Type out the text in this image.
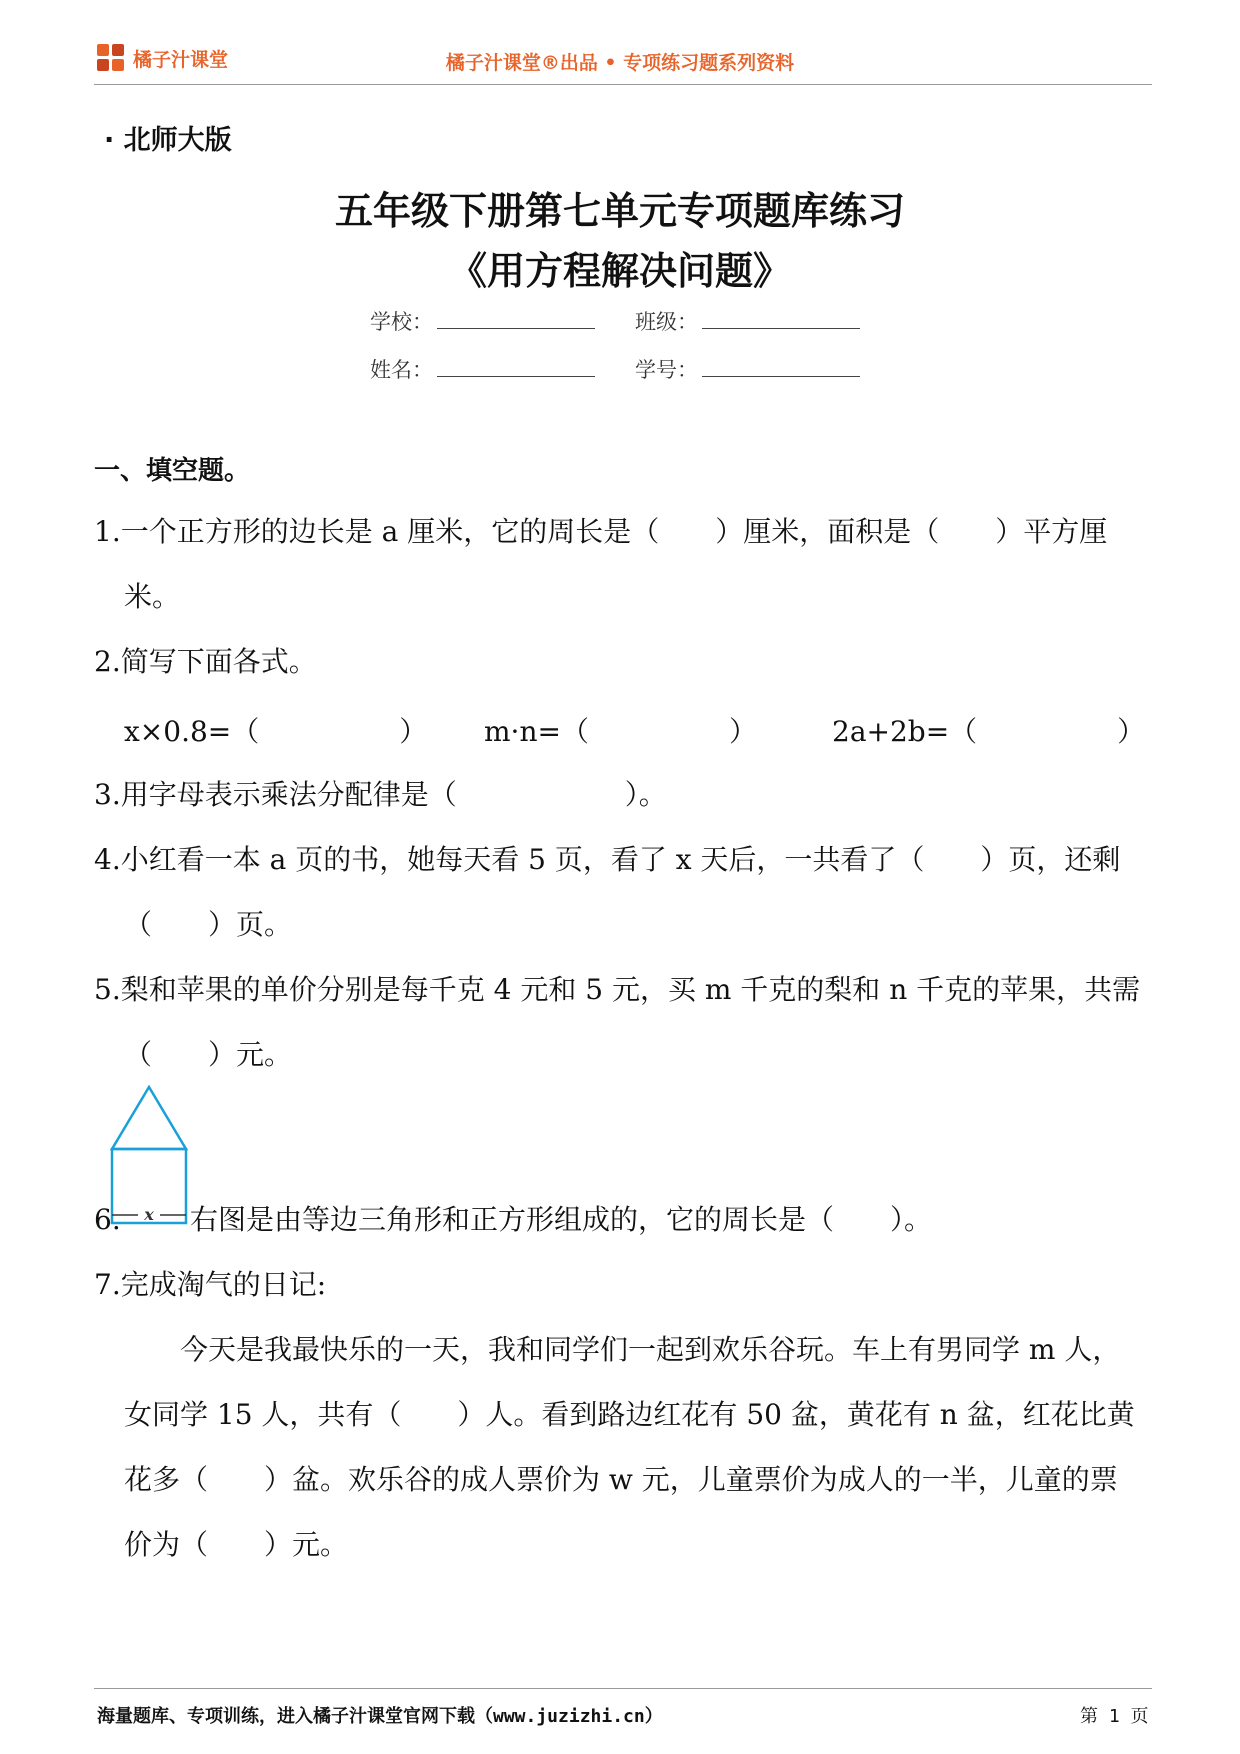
橘子汁课堂	橘子汁课堂®出品 • 专项练习题系列资料
· 北师大版
五年级下册第七单元专项题库练习
《用方程解决问题》
学校：	班级：
姓名：	学号：
一、填空题。
1.一个正方形的边长是 a 厘米，它的周长是（　　）厘米，面积是（　　）平方厘
米。
2.简写下面各式。
x×0.8=（　　　　　） m·n=（　　　　　）	2a+2b=（　　　　　）
3.用字母表示乘法分配律是（　　　　　　）。
4.小红看一本 a 页的书，她每天看 5 页，看了 x 天后，一共看了（　　）页，还剩
（　　）页。
5.梨和苹果的单价分别是每千克 4 元和 5 元，买 m 千克的梨和 n 千克的苹果，共需
（　　）元。
x
6. 右图是由等边三角形和正方形组成的，它的周长是（　　）。
7.完成淘气的日记:
今天是我最快乐的一天，我和同学们一起到欢乐谷玩。车上有男同学 m 人，
女同学 15 人，共有（　　）人。看到路边红花有 50 盆，黄花有 n 盆，红花比黄
花多（　　）盆。欢乐谷的成人票价为 w 元，儿童票价为成人的一半，儿童的票
价为（　　）元。
海量题库、专项训练，进入橘子汁课堂官网下载（www.juzizhi.cn）	第 1 页
